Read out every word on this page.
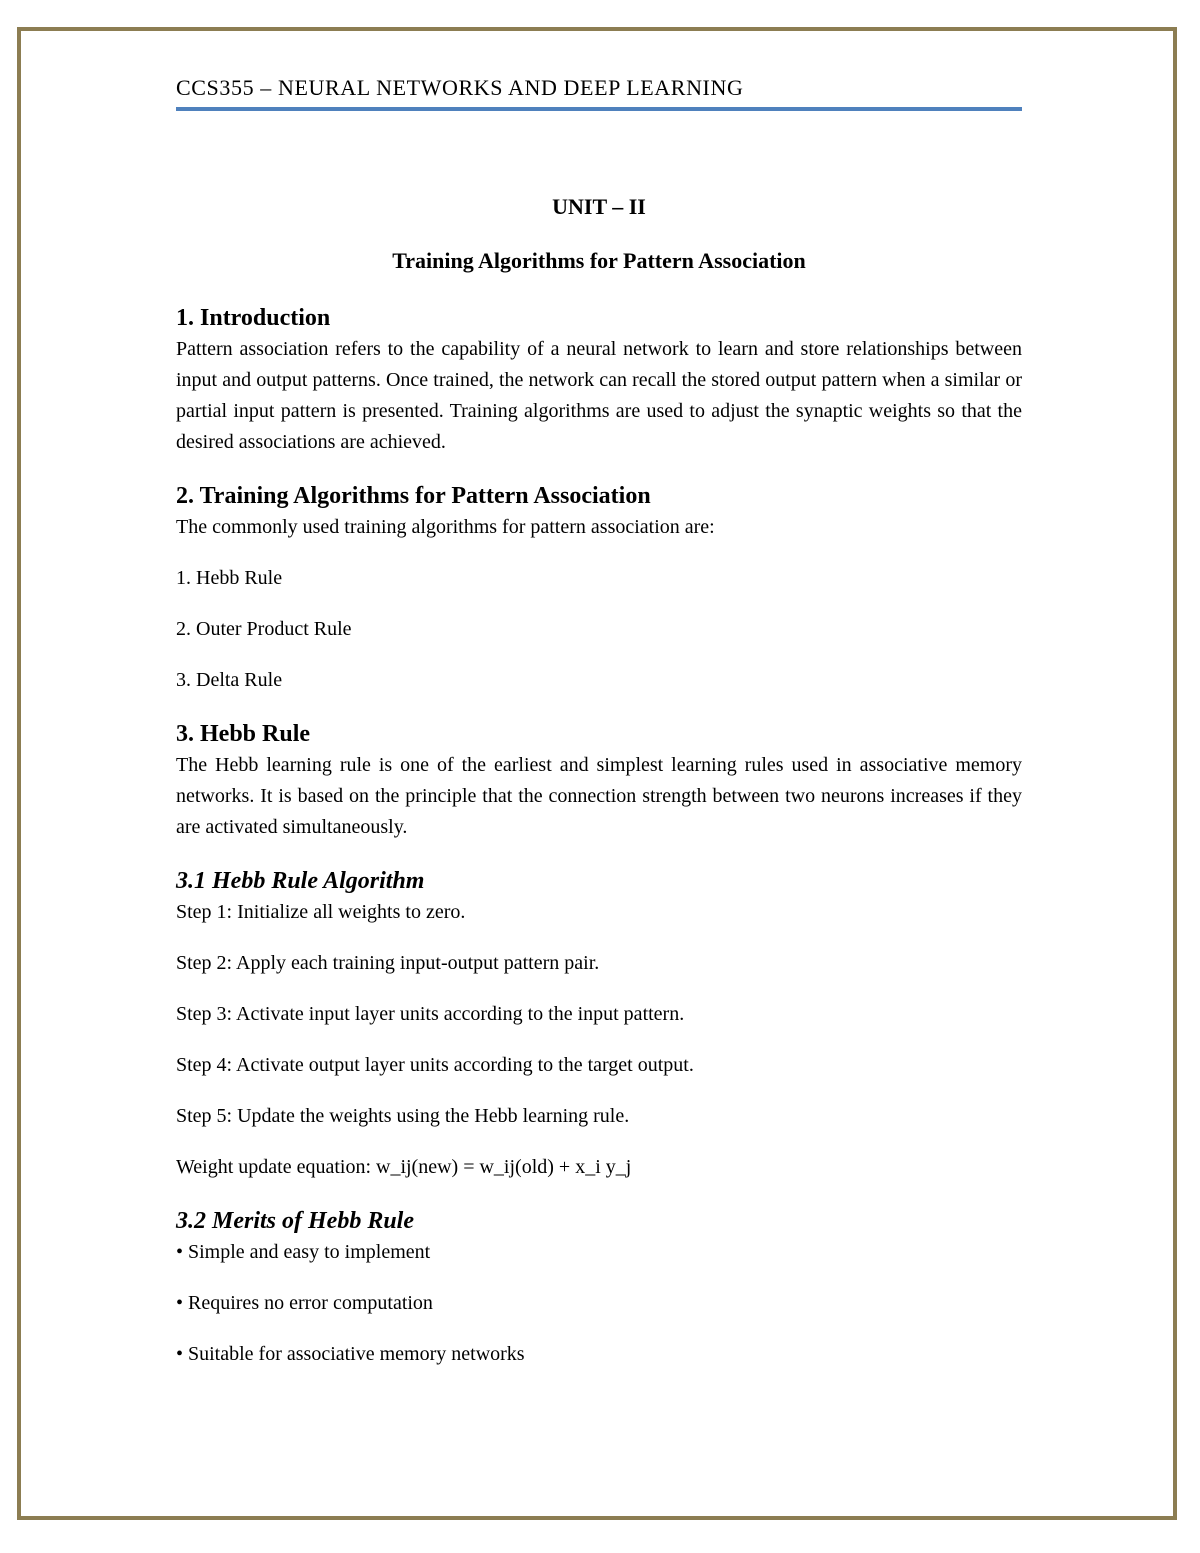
CCS355 – NEURAL NETWORKS AND DEEP LEARNING
UNIT – II
Training Algorithms for Pattern Association
1. Introduction

Pattern association refers to the capability of a neural network to learn and store relationships between input and output patterns. Once trained, the network can recall the stored output pattern when a similar or partial input pattern is presented. Training algorithms are used to adjust the synaptic weights so that the desired associations are achieved.

2. Training Algorithms for Pattern Association

The commonly used training algorithms for pattern association are:

1. Hebb Rule

2. Outer Product Rule

3. Delta Rule

3. Hebb Rule

The Hebb learning rule is one of the earliest and simplest learning rules used in associative memory networks. It is based on the principle that the connection strength between two neurons increases if they are activated simultaneously.

3.1 Hebb Rule Algorithm

Step 1: Initialize all weights to zero.

Step 2: Apply each training input-output pattern pair.

Step 3: Activate input layer units according to the input pattern.

Step 4: Activate output layer units according to the target output.

Step 5: Update the weights using the Hebb learning rule.

Weight update equation: w_ij(new) = w_ij(old) + x_i y_j

3.2 Merits of Hebb Rule

• Simple and easy to implement

• Requires no error computation

• Suitable for associative memory networks
